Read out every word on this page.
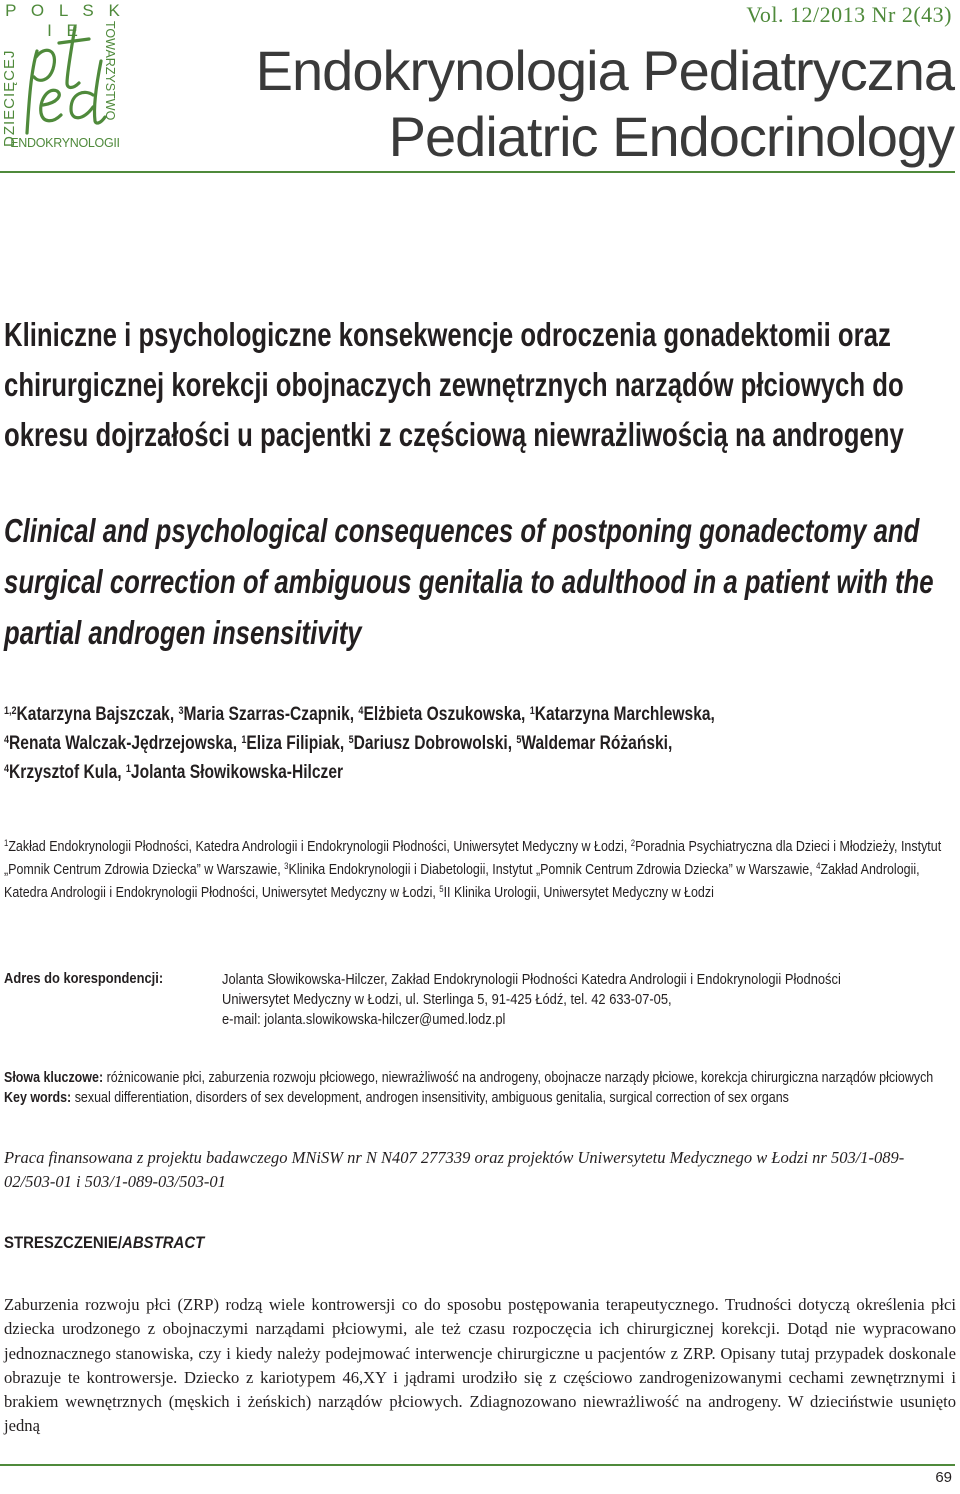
P O L S K I E
DZIECIĘCEJ	TOWARZYSTWO
ENDOKRYNOLOGII
Vol. 12/2013 Nr 2(43)
Endokrynologia Pediatryczna
Pediatric Endocrinology
Kliniczne i psychologiczne konsekwencje odroczenia gonadektomii oraz chirurgicznej korekcji obojnaczych zewnętrznych narządów płciowych do okresu dojrzałości u pacjentki z częściową niewrażliwością na androgeny
Clinical and psychological consequences of postponing gonadectomy and surgical correction of ambiguous genitalia to adulthood in a patient with the partial androgen insensitivity
$^{1,2}$Katarzyna Bajszczak, $^3$Maria Szarras-Czapnik, $^4$Elżbieta Oszukowska, $^1$Katarzyna Marchlewska,
$^4$Renata Walczak-Jędrzejowska, $^1$Eliza Filipiak, $^5$Dariusz Dobrowolski, $^5$Waldemar Różański,
$^4$Krzysztof Kula, $^1$Jolanta Słowikowska-Hilczer
$^1$Zakład Endokrynologii Płodności, Katedra Andrologii i Endokrynologii Płodności, Uniwersytet Medyczny w Łodzi, $^2$Poradnia Psychiatryczna dla Dzieci i Młodzieży, Instytut „Pomnik Centrum Zdrowia Dziecka” w Warszawie, $^3$Klinika Endokrynologii i Diabetologii, Instytut „Pomnik Centrum Zdrowia Dziecka” w Warszawie, $^4$Zakład Andrologii, Katedra Andrologii i Endokrynologii Płodności, Uniwersytet Medyczny w Łodzi, $^5$II Klinika Urologii, Uniwersytet Medyczny w Łodzi
Adres do korespondencji:	Jolanta Słowikowska-Hilczer, Zakład Endokrynologii Płodności Katedra Andrologii i Endokrynologii Płodności
Uniwersytet Medyczny w Łodzi, ul. Sterlinga 5, 91-425 Łódź, tel. 42 633-07-05,
e-mail: jolanta.slowikowska-hilczer@umed.lodz.pl
Słowa kluczowe: różnicowanie płci, zaburzenia rozwoju płciowego, niewrażliwość na androgeny, obojnacze narządy płciowe, korekcja chirurgiczna narządów płciowych
Key words: sexual differentiation, disorders of sex development, androgen insensitivity, ambiguous genitalia, surgical correction of sex organs
Praca finansowana z projektu badawczego MNiSW nr N N407 277339 oraz projektów Uniwersytetu Medycznego w Łodzi nr 503/1-089-02/503-01 i 503/1-089-03/503-01
STRESZCZENIE/ABSTRACT

Zaburzenia rozwoju płci (ZRP) rodzą wiele kontrowersji co do sposobu postępowania terapeutycznego. Trudności dotyczą określenia płci dziecka urodzonego z obojnaczymi narządami płciowymi, ale też czasu rozpoczęcia ich chirurgicznej korekcji. Dotąd nie wypracowano jednoznacznego stanowiska, czy i kiedy należy podejmować interwencje chirurgiczne u pacjentów z ZRP. Opisany tutaj przypadek doskonale obrazuje te kontrowersje. Dziecko z kariotypem 46,XY i jądrami urodziło się z częściowo zandrogenizowanymi cechami zewnętrznymi i brakiem wewnętrznych (męskich i żeńskich) narządów płciowych. Zdiagnozowano niewrażliwość na androgeny. W dzieciństwie usunięto jedną

69
